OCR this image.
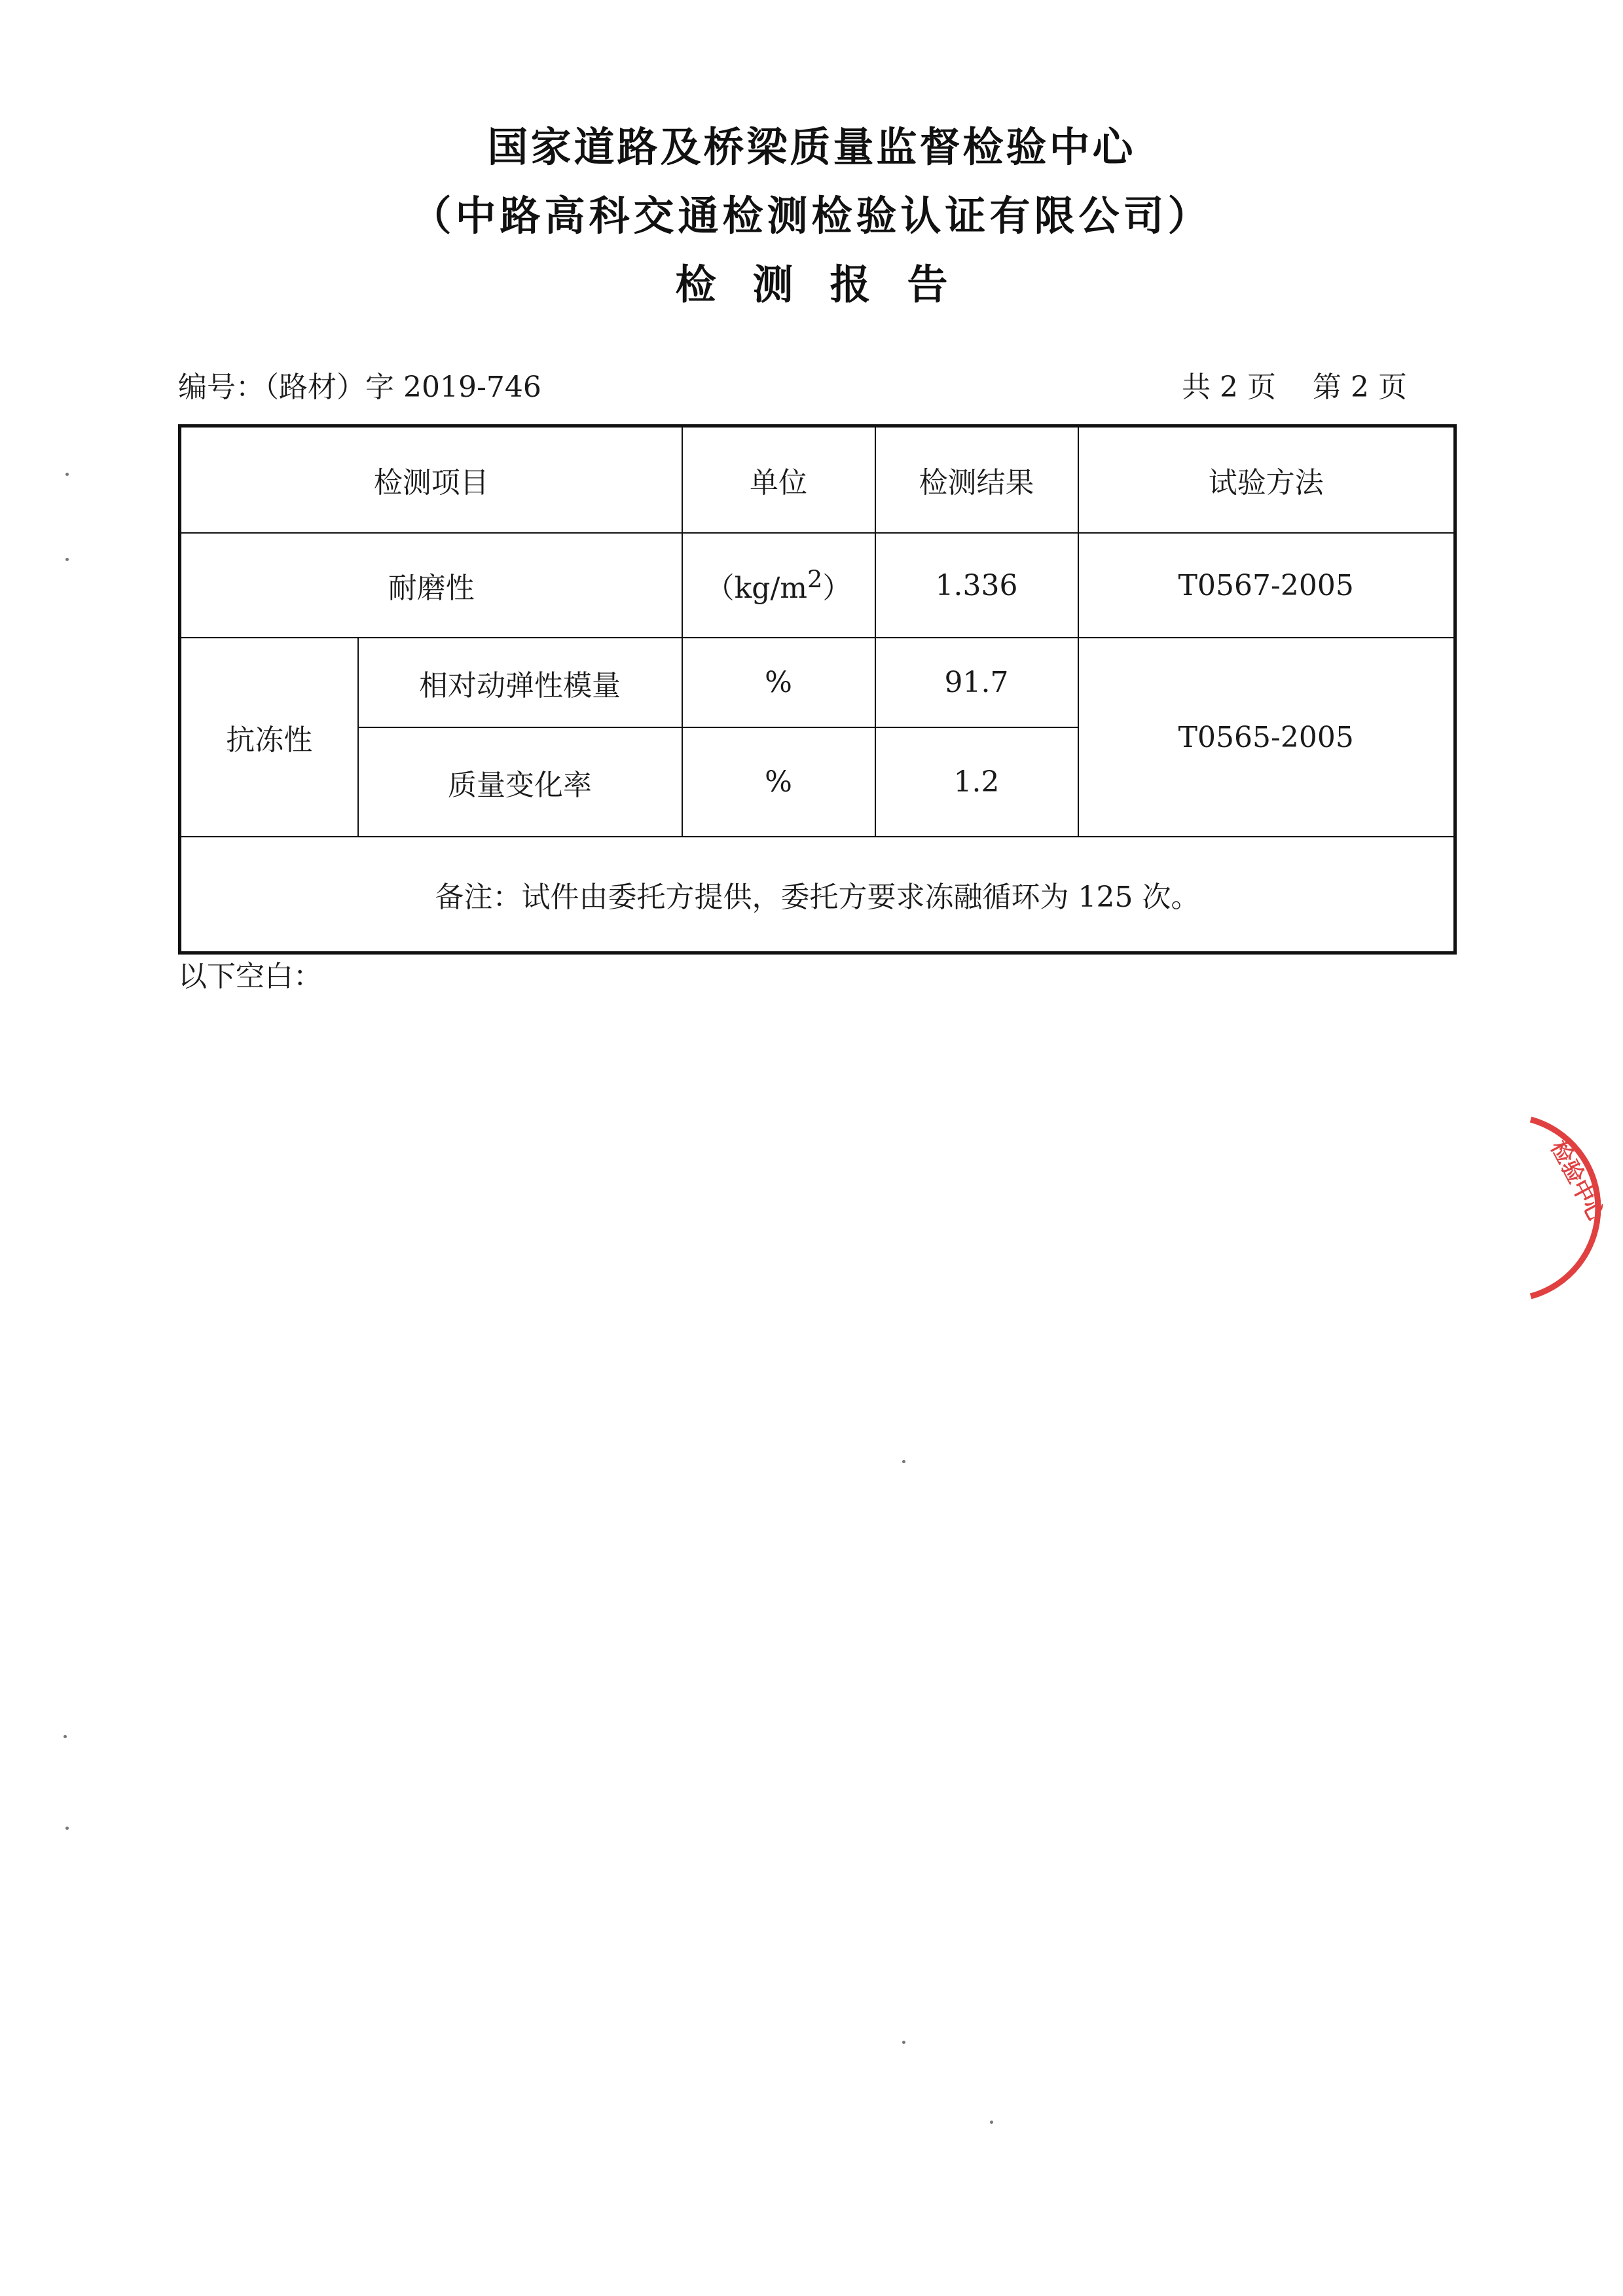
国家道路及桥梁质量监督检验中心
（中路高科交通检测检验认证有限公司）
检测报告
编号：（路材）字 2019-746	共 2 页 第 2 页
检测项目		单位	检测结果	试验方法
耐磨性		$(kg/m^2)$	1.336	T0567-2005
抗冻性	相对动弹性模量	%	91.7	T0565-2005
	质量变化率	%	1.2	
备注：试件由委托方提供，委托方要求冻融循环为 125 次。				
以下空白：
检验中心
